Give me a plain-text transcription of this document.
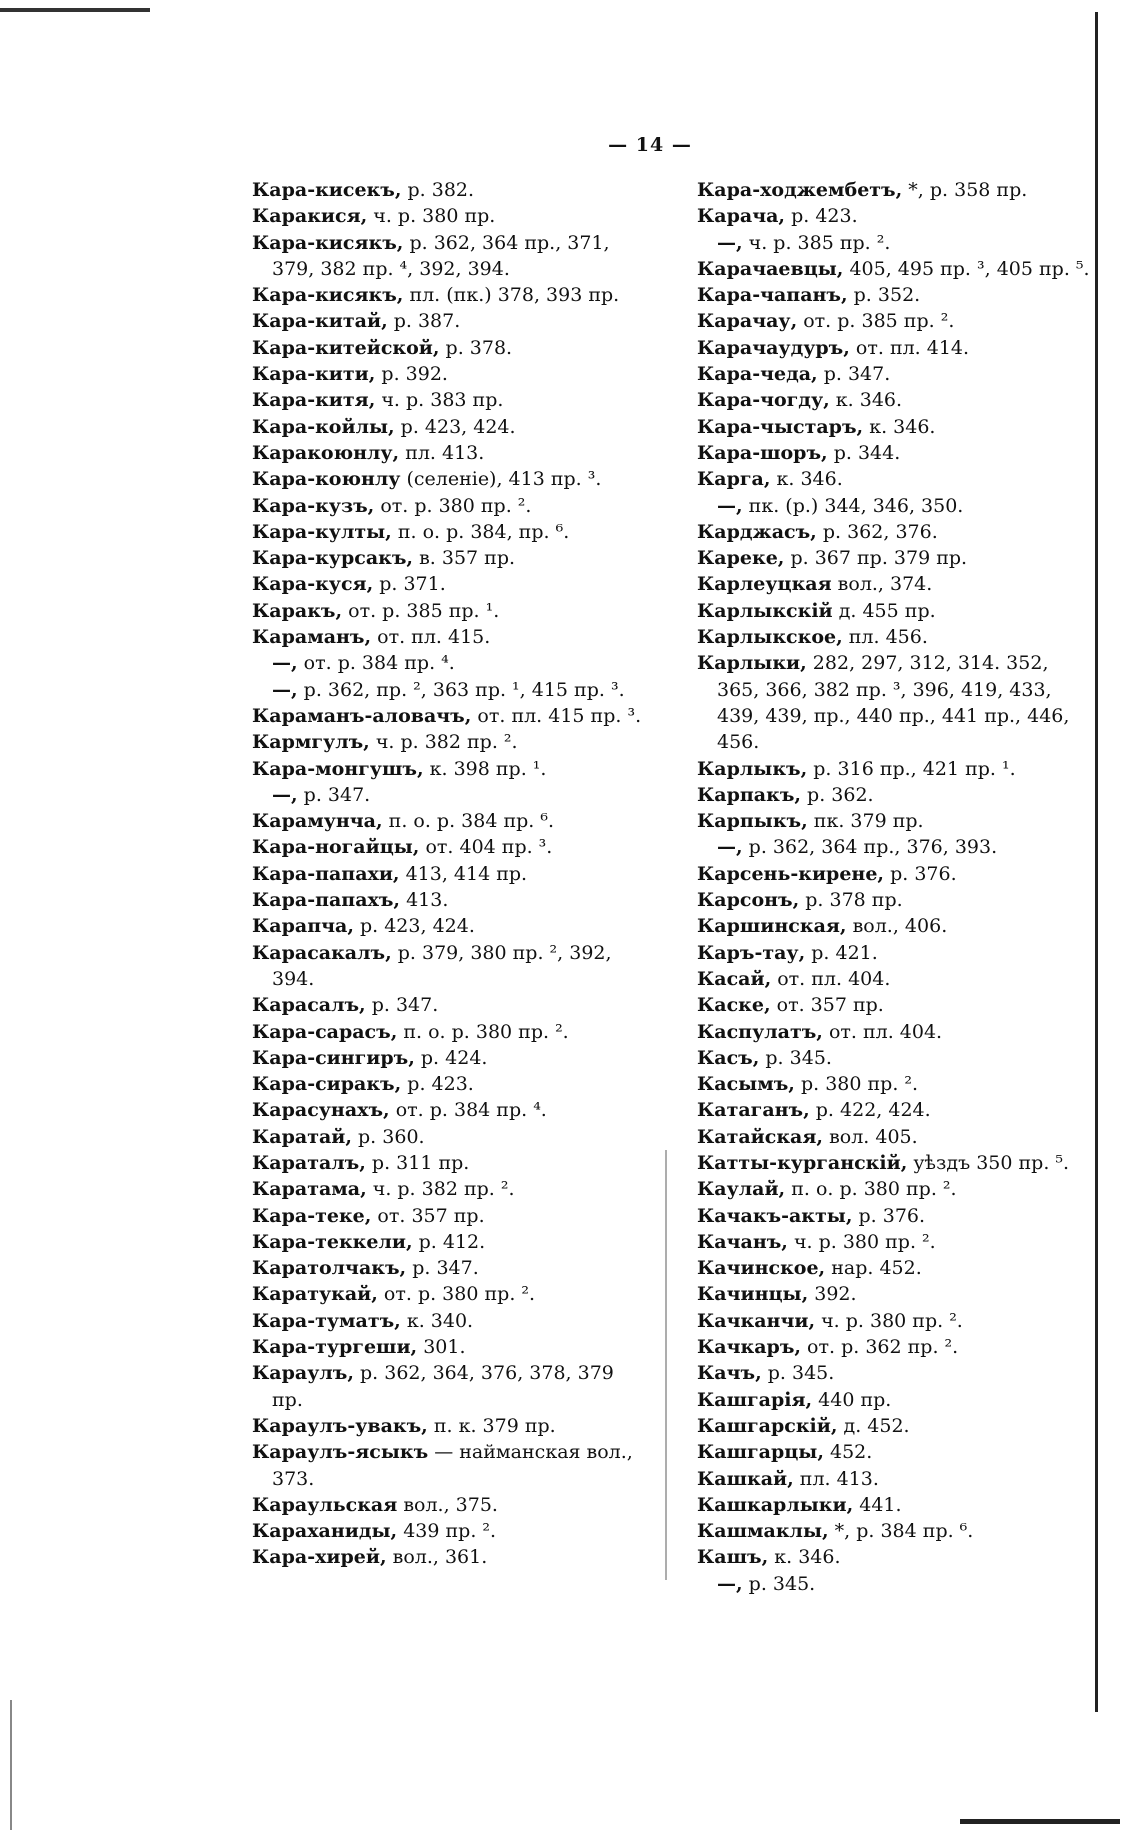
— 14 —

Кара-кисекъ, р. 382.

Каракися, ч. р. 380 пр.

Кара-кисякъ, р. 362, 364 пр., 371, 379, 382 пр. ⁴, 392, 394.

Кара-кисякъ, пл. (пк.) 378, 393 пр.

Кара-китай, р. 387.

Кара-китейской, р. 378.

Кара-кити, р. 392.

Кара-китя, ч. р. 383 пр.

Кара-койлы, р. 423, 424.

Каракоюнлу, пл. 413.

Кара-коюнлу (селеніе), 413 пр. ³.

Кара-кузъ, от. р. 380 пр. ².

Кара-култы, п. о. р. 384, пр. ⁶.

Кара-курсакъ, в. 357 пр.

Кара-куся, р. 371.

Каракъ, от. р. 385 пр. ¹.

Караманъ, от. пл. 415.

—, от. р. 384 пр. ⁴.

—, р. 362, пр. ², 363 пр. ¹, 415 пр. ³.

Караманъ-аловачъ, от. пл. 415 пр. ³.

Кармгулъ, ч. р. 382 пр. ².

Кара-монгушъ, к. 398 пр. ¹.

—, р. 347.

Карамунча, п. о. р. 384 пр. ⁶.

Кара-ногайцы, от. 404 пр. ³.

Кара-папахи, 413, 414 пр.

Кара-папахъ, 413.

Карапча, р. 423, 424.

Карасакалъ, р. 379, 380 пр. ², 392, 394.

Карасалъ, р. 347.

Кара-сарасъ, п. о. р. 380 пр. ².

Кара-сингиръ, р. 424.

Кара-сиракъ, р. 423.

Карасунахъ, от. р. 384 пр. ⁴.

Каратай, р. 360.

Караталъ, р. 311 пр.

Каратама, ч. р. 382 пр. ².

Кара-теке, от. 357 пр.

Кара-теккели, р. 412.

Каратолчакъ, р. 347.

Каратукай, от. р. 380 пр. ².

Кара-туматъ, к. 340.

Кара-тургеши, 301.

Карaулъ, р. 362, 364, 376, 378, 379 пр.

Караулъ-увакъ, п. к. 379 пр.

Караулъ-ясыкъ — найманская вол., 373.

Караульская вол., 375.

Караханиды, 439 пр. ².

Кара-хирей, вол., 361.

Кара-ходжембетъ, *, р. 358 пр.

Карача, р. 423.

—, ч. р. 385 пр. ².

Карачаевцы, 405, 495 пр. ³, 405 пр. ⁵.

Кара-чапанъ, р. 352.

Карачау, от. р. 385 пр. ².

Карачаудуръ, от. пл. 414.

Кара-чеда, р. 347.

Кара-чогду, к. 346.

Кара-чыстаръ, к. 346.

Кара-шоръ, р. 344.

Карга, к. 346.

—, пк. (р.) 344, 346, 350.

Карджасъ, р. 362, 376.

Кареке, р. 367 пр. 379 пр.

Карлеуцкая вол., 374.

Карлыкскій д. 455 пр.

Карлыкское, пл. 456.

Карлыки, 282, 297, 312, 314. 352, 365, 366, 382 пр. ³, 396, 419, 433, 439, 439, пр., 440 пр., 441 пр., 446, 456.

Карлыкъ, р. 316 пр., 421 пр. ¹.

Карпакъ, р. 362.

Карпыкъ, пк. 379 пр.

—, р. 362, 364 пр., 376, 393.

Карсень-кирене, р. 376.

Карсонъ, р. 378 пр.

Каршинская, вол., 406.

Каръ-тау, р. 421.

Касай, от. пл. 404.

Каске, от. 357 пр.

Каспулатъ, от. пл. 404.

Касъ, р. 345.

Касымъ, р. 380 пр. ².

Катаганъ, р. 422, 424.

Катайская, вол. 405.

Катты-курганскій, уѣздъ 350 пр. ⁵.

Каулай, п. о. р. 380 пр. ².

Качакъ-акты, р. 376.

Качанъ, ч. р. 380 пр. ².

Качинское, нар. 452.

Качинцы, 392.

Качканчи, ч. р. 380 пр. ².

Качкаръ, от. р. 362 пр. ².

Качъ, р. 345.

Кашгарія, 440 пр.

Кашгарскій, д. 452.

Кашгарцы, 452.

Кашкай, пл. 413.

Кашкарлыки, 441.

Кашмаклы, *, р. 384 пр. ⁶.

Кашъ, к. 346.

—, р. 345.
